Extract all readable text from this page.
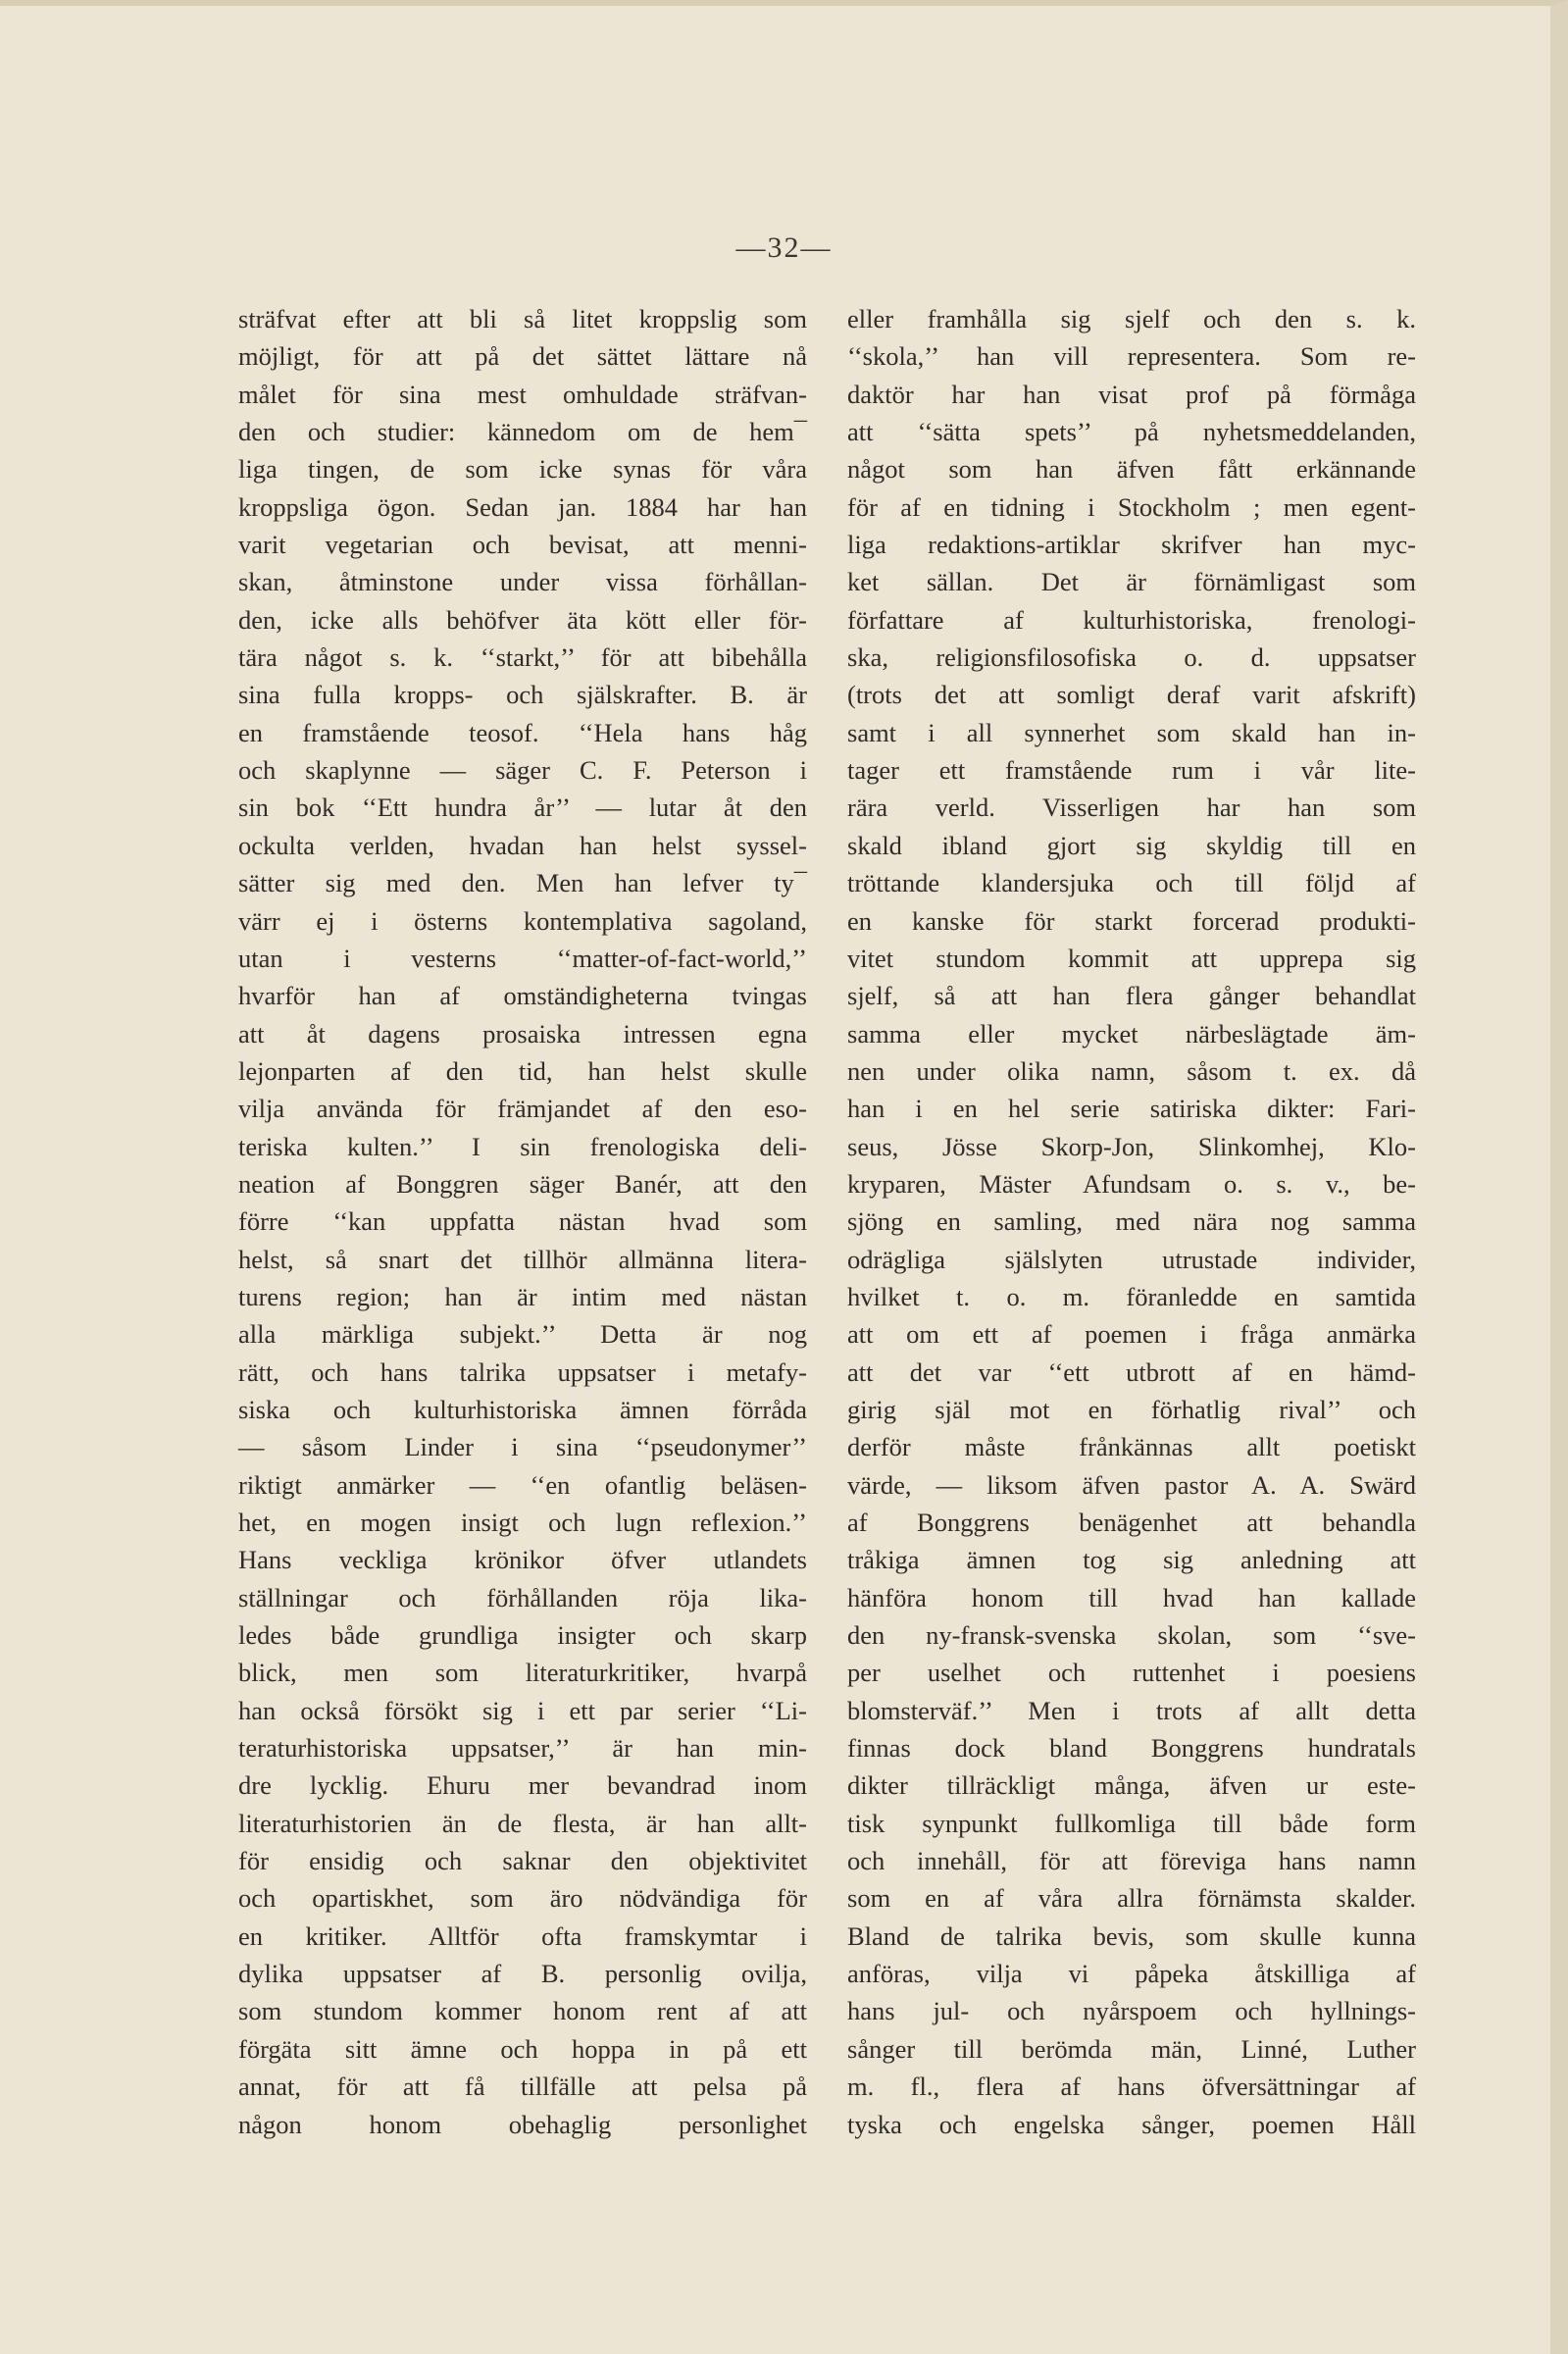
—32—
sträfvat efter att bli så litet kroppslig som
möjligt, för att på det sättet lättare nå
målet för sina mest omhuldade sträfvan-
den och studier: kännedom om de hem¯
liga tingen, de som icke synas för våra
kroppsliga ögon. Sedan jan. 1884 har han
varit vegetarian och bevisat, att menni-
skan, åtminstone under vissa förhållan-
den, icke alls behöfver äta kött eller för-
tära något s. k. ‘‘starkt,’’ för att bibehålla
sina fulla kropps- och själskrafter. B. är
en framstående teosof. ‘‘Hela hans håg
och skaplynne — säger C. F. Peterson i
sin bok ‘‘Ett hundra år’’ — lutar åt den
ockulta verlden, hvadan han helst syssel-
sätter sig med den. Men han lefver ty¯
värr ej i österns kontemplativa sagoland,
utan i vesterns ‘‘matter-of-fact-world,’’
hvarför han af omständigheterna tvingas
att åt dagens prosaiska intressen egna
lejonparten af den tid, han helst skulle
vilja använda för främjandet af den eso-
teriska kulten.’’ I sin frenologiska deli-
neation af Bonggren säger Banér, att den
förre ‘‘kan uppfatta nästan hvad som
helst, så snart det tillhör allmänna litera-
turens region; han är intim med nästan
alla märkliga subjekt.’’ Detta är nog
rätt, och hans talrika uppsatser i metafy-
siska och kulturhistoriska ämnen förråda
— såsom Linder i sina ‘‘pseudonymer’’
riktigt anmärker — ‘‘en ofantlig beläsen-
het, en mogen insigt och lugn reflexion.’’
Hans veckliga krönikor öfver utlandets
ställningar och förhållanden röja lika-
ledes både grundliga insigter och skarp
blick, men som literaturkritiker, hvarpå
han också försökt sig i ett par serier ‘‘Li-
teraturhistoriska uppsatser,’’ är han min-
dre lycklig. Ehuru mer bevandrad inom
literaturhistorien än de flesta, är han allt-
för ensidig och saknar den objektivitet
och opartiskhet, som äro nödvändiga för
en kritiker. Alltför ofta framskymtar i
dylika uppsatser af B. personlig ovilja,
som stundom kommer honom rent af att
förgäta sitt ämne och hoppa in på ett
annat, för att få tillfälle att pelsa på
någon honom obehaglig personlighet
eller framhålla sig sjelf och den s. k.
‘‘skola,’’ han vill representera. Som re-
daktör har han visat prof på förmåga
att ‘‘sätta spets’’ på nyhetsmeddelanden,
något som han äfven fått erkännande
för af en tidning i Stockholm ; men egent-
liga redaktions-artiklar skrifver han myc-
ket sällan. Det är förnämligast som
författare af kulturhistoriska, frenologi-
ska, religionsfilosofiska o. d. uppsatser
(trots det att somligt deraf varit afskrift)
samt i all synnerhet som skald han in-
tager ett framstående rum i vår lite-
rära verld. Visserligen har han som
skald ibland gjort sig skyldig till en
tröttande klandersjuka och till följd af
en kanske för starkt forcerad produkti-
vitet stundom kommit att upprepa sig
sjelf, så att han flera gånger behandlat
samma eller mycket närbeslägtade äm-
nen under olika namn, såsom t. ex. då
han i en hel serie satiriska dikter: Fari-
seus, Jösse Skorp-Jon, Slinkomhej, Klo-
kryparen, Mäster Afundsam o. s. v., be-
sjöng en samling, med nära nog samma
odrägliga själslyten utrustade individer,
hvilket t. o. m. föranledde en samtida
att om ett af poemen i fråga anmärka
att det var ‘‘ett utbrott af en hämd-
girig själ mot en förhatlig rival’’ och
derför måste frånkännas allt poetiskt
värde, — liksom äfven pastor A. A. Swärd
af Bonggrens benägenhet att behandla
tråkiga ämnen tog sig anledning att
hänföra honom till hvad han kallade
den ny-fransk-svenska skolan, som ‘‘sve-
per uselhet och ruttenhet i poesiens
blomsterväf.’’ Men i trots af allt detta
finnas dock bland Bonggrens hundratals
dikter tillräckligt många, äfven ur este-
tisk synpunkt fullkomliga till både form
och innehåll, för att föreviga hans namn
som en af våra allra förnämsta skalder.
Bland de talrika bevis, som skulle kunna
anföras, vilja vi påpeka åtskilliga af
hans jul- och nyårspoem och hyllnings-
sånger till berömda män, Linné, Luther
m. fl., flera af hans öfversättningar af
tyska och engelska sånger, poemen Håll
